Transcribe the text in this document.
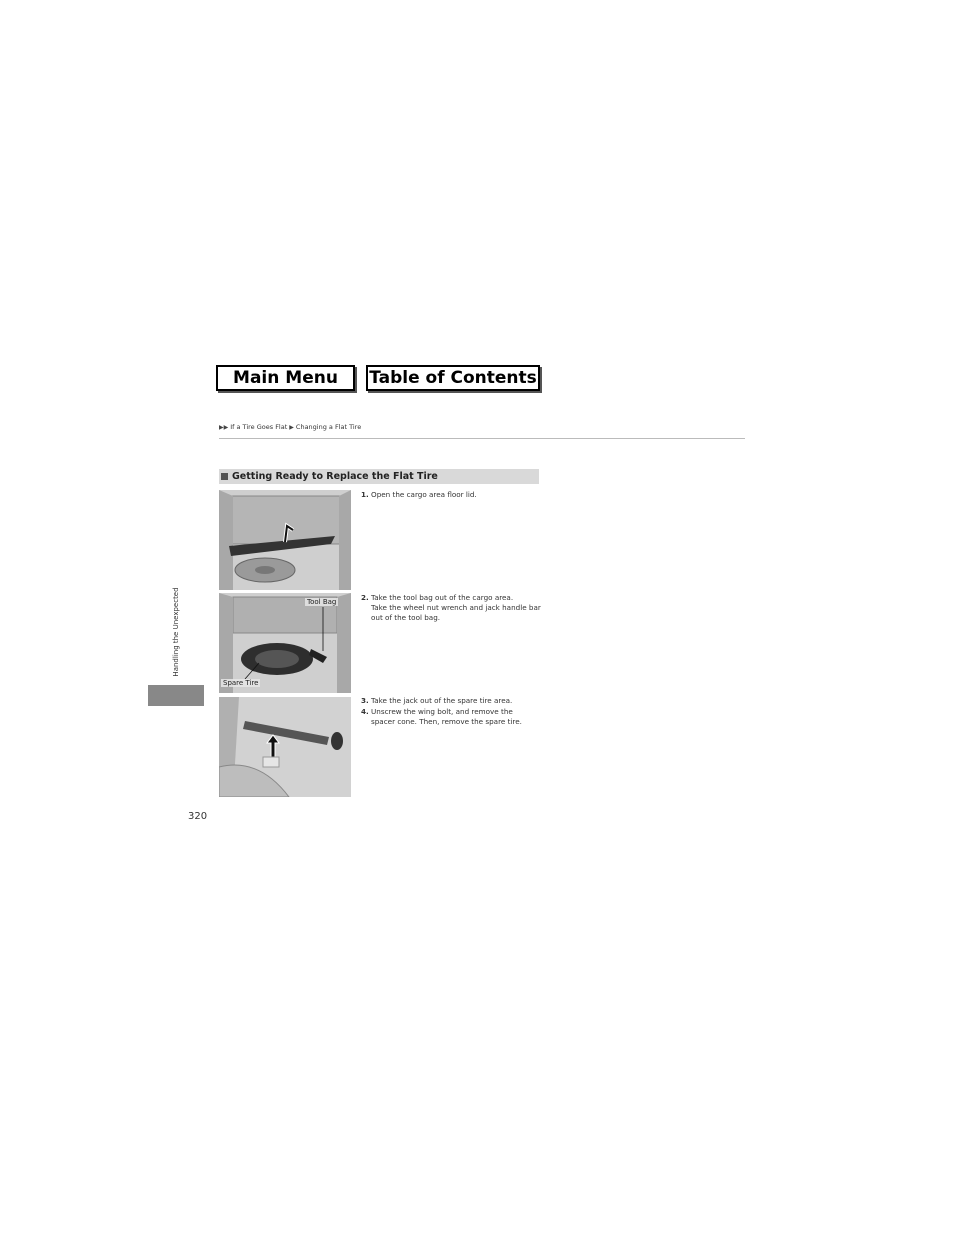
Main Menu	Table of Contents
▶▶ If a Tire Goes Flat ▶ Changing a Flat Tire
Handling the Unexpected
320
Getting Ready to Replace the Flat Tire
Tool Bag
Spare Tire
1. Open the cargo area floor lid.
2. Take the tool bag out of the cargo area.
Take the wheel nut wrench and jack handle bar out of the tool bag.
3. Take the jack out of the spare tire area.
4. Unscrew the wing bolt, and remove the
spacer cone. Then, remove the spare tire.
